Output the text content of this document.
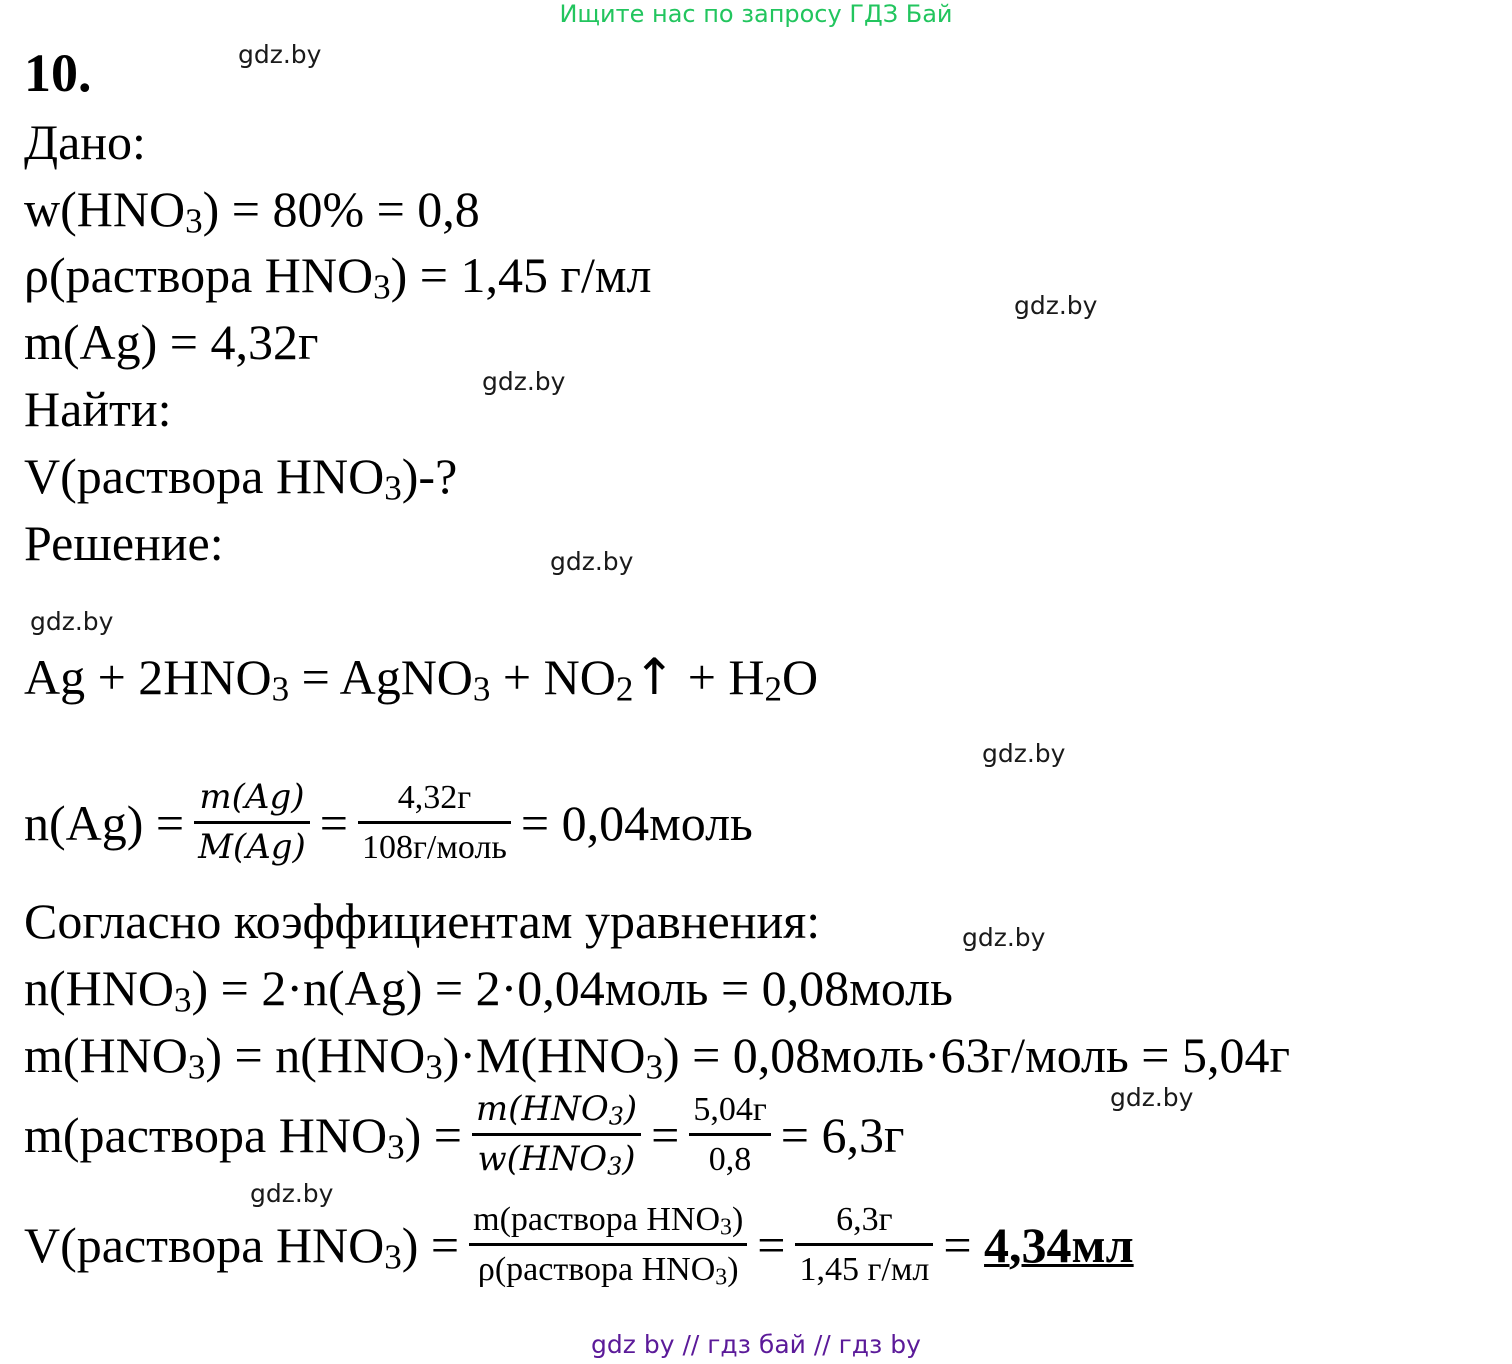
Ищите нас по запросу ГДЗ Бай
10.	gdz.by
gdz.by
gdz.by
gdz.by
gdz.by
gdz.by
gdz.by
gdz.by
gdz.by
Дано:
$w(HNO_3) = 80\% = 0,8$
ρ(раствора $HNO_3) = 1,45$ г/мл
m(Ag) = 4,32г
Найти:
V(раствора $HNO_3)-$?
Решение:
$Ag + 2HNO_3$ = AgNO$_3$ + $NO_2↑ + H_2O$
$n(Ag) = \frac{m(Ag)}{M(Ag)} = \frac{4,32г}{\text{108г/моль}}$ = 0,04моль
Согласно коэффициентам уравнения:
$n(HNO_3) = 2\cdot n(Ag)$ = 2·0,04моль = 0,08моль
$m(HNO_3) = n(HNO_3)\cdot M(HNO_3)$ = 0,08моль·63г/моль = 5,04г
m(раствора $HNO_3) = \frac{m(HNO_3)}{w(HNO_3)} = \frac{5,04г}{0,8} = 6,3г$
V(раствора $HNO_3) = \frac{m(раствора HNO_3)}{\rho(раствора HNO_3)} = \frac{6,3г}{1,45 г/мл}$ =
4,34мл
gdz by // гдз бай // гдз by
